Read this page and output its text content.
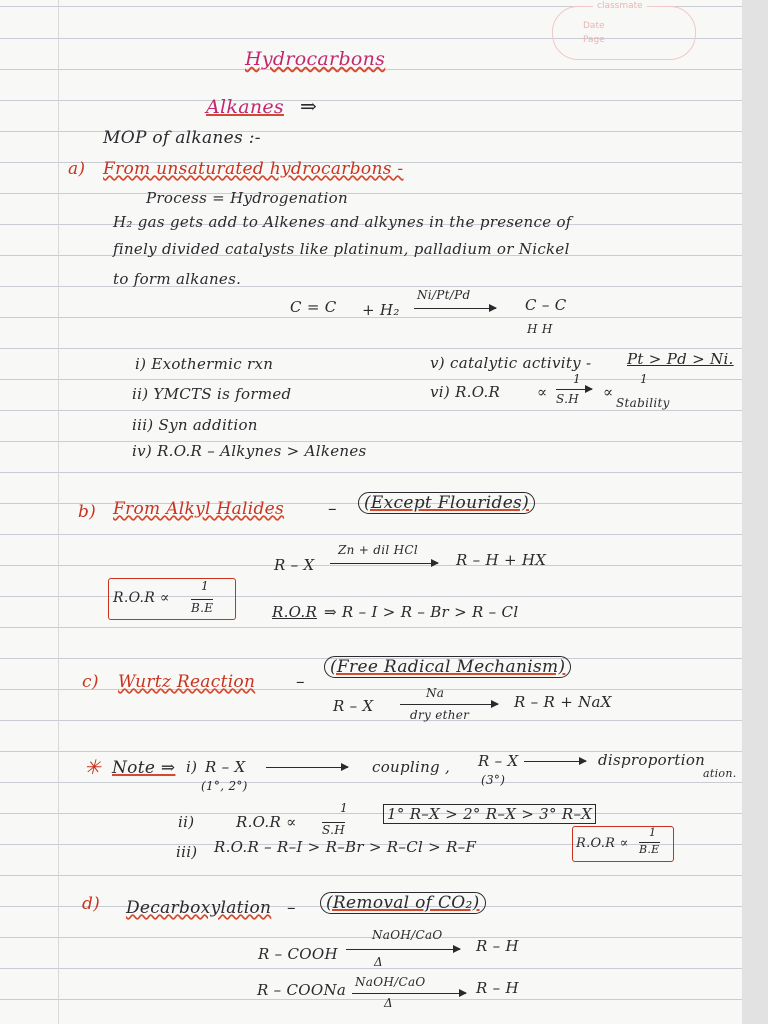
classmate
Date
Page
Hydrocarbons
Alkanes ⇒
MOP of alkanes :-
a) From unsaturated hydrocarbons -
Process = Hydrogenation
H₂ gas gets add to Alkenes and alkynes in the presence of
finely divided catalysts like platinum, palladium or Nickel
to form alkanes.
C = C + H₂
Ni/Pt/Pd
C – C
H H
i) Exothermic rxn
ii) YMCTS is formed
iii) Syn addition
iv) R.O.R – Alkynes > Alkenes
v) catalytic activity - Pt > Pd > Ni.
vi) R.O.R ∝
1
S.H ∝
1
Stability
b) From Alkyl Halides	–	(Except Flourides)
R – X
Zn + dil HCl
R – H + HX
R.O.R ∝
1
B.E	R.O.R ⇒ R – I > R – Br > R – Cl
c) Wurtz Reaction –
(Free Radical Mechanism)
R – X
Na
dry ether
R – R + NaX
✳ Note ⇒ i) R – X
(1°, 2°)
coupling , R – X
(3°)
disproportion
ation.
ii)	R.O.R ∝
1
S.H
1° R–X > 2° R–X > 3° R–X
iii) R.O.R – R–I > R–Br > R–Cl > R–F	R.O.R ∝
1
B.E
d) Decarboxylation –	(Removal of CO₂)
R – COOH
NaOH/CaO
Δ
R – H
R – COONa NaOH/CaO
Δ
R – H
